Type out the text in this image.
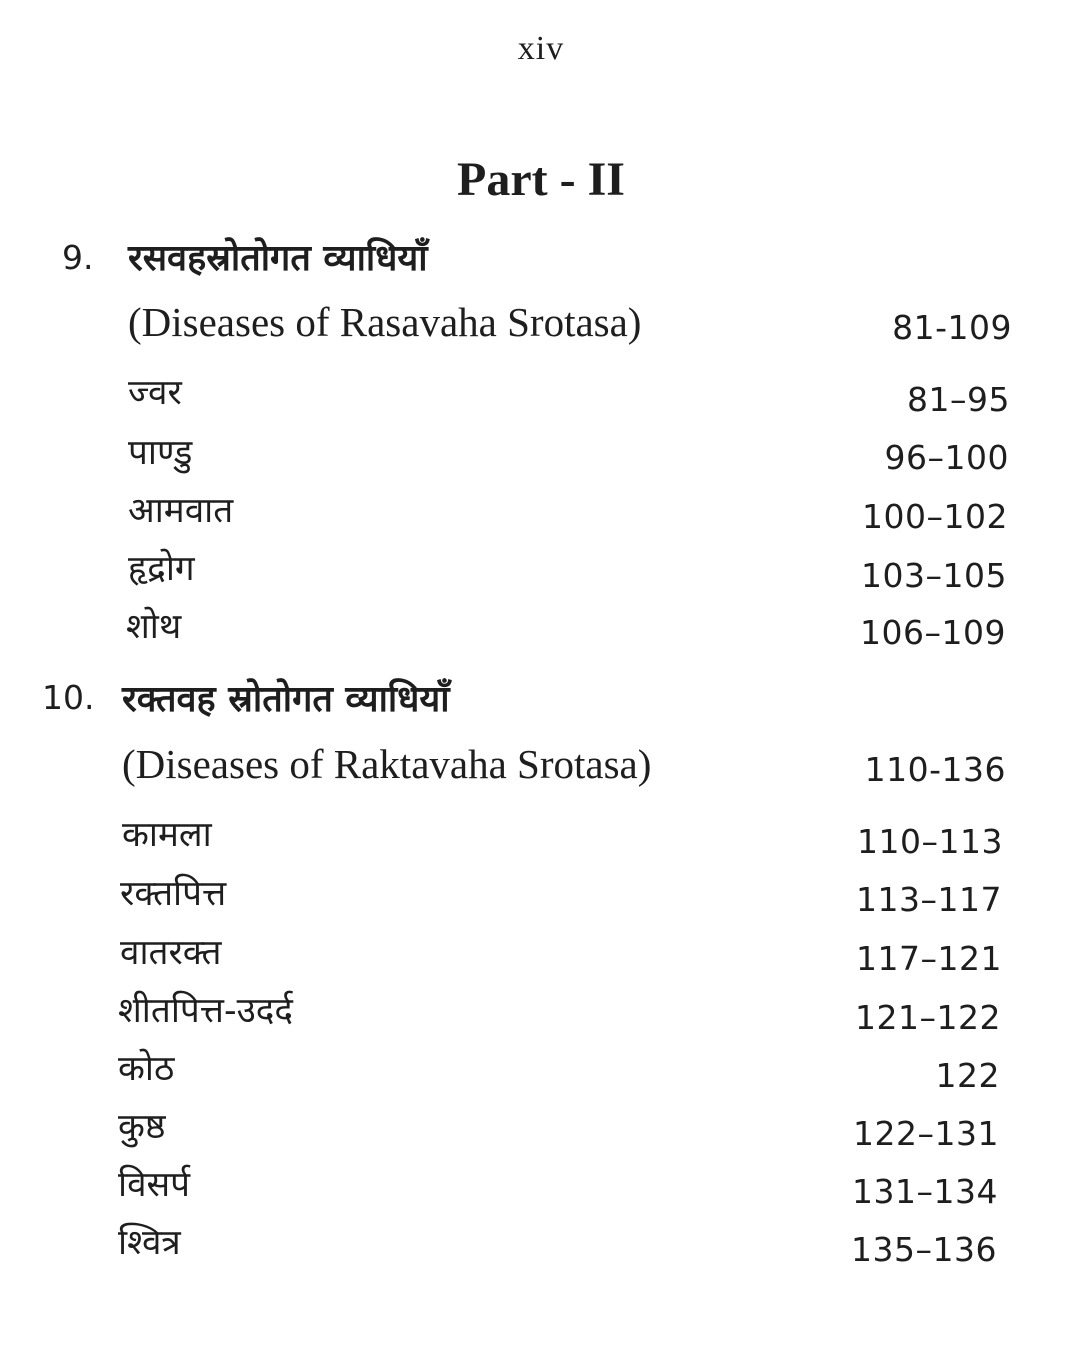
xiv
Part - II
9. रसवहस्रोतोगत व्याधियाँ
(Diseases of Rasavaha Srotasa)	81-109
ज्वर	81–95
पाण्डु	96–100
आमवात	100–102
हृद्रोग	103–105
शोथ	106–109
10. रक्तवह स्रोतोगत व्याधियाँ
(Diseases of Raktavaha Srotasa)	110-136
कामला	110–113
रक्तपित्त	113–117
वातरक्त	117–121
शीतपित्त-उदर्द	121–122
कोठ	122
कुष्ठ	122–131
विसर्प	131–134
श्वित्र	135–136
